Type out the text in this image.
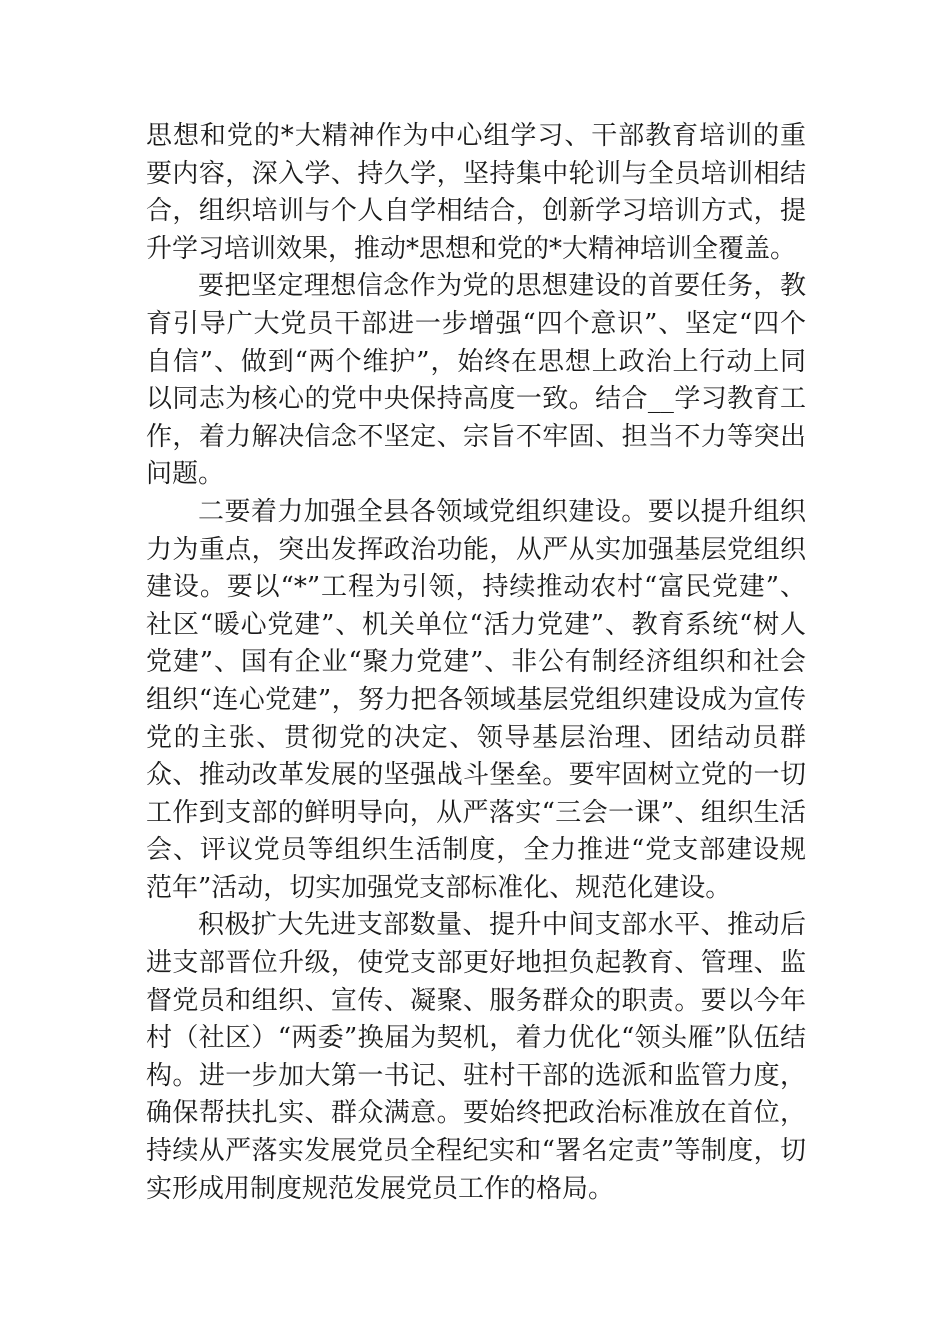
思想和党的*大精神作为中心组学习、干部教育培训的重要内容，深入学、持久学，坚持集中轮训与全员培训相结合，组织培训与个人自学相结合，创新学习培训方式，提升学习培训效果，推动*思想和党的*大精神培训全覆盖。

要把坚定理想信念作为党的思想建设的首要任务，教育引导广大党员干部进一步增强“四个意识”、坚定“四个自信”、做到“两个维护”，始终在思想上政治上行动上同以同志为核心的党中央保持高度一致。结合__学习教育工作，着力解决信念不坚定、宗旨不牢固、担当不力等突出问题。

二要着力加强全县各领域党组织建设。要以提升组织力为重点，突出发挥政治功能，从严从实加强基层党组织建设。要以“*”工程为引领，持续推动农村“富民党建”、社区“暖心党建”、机关单位“活力党建”、教育系统“树人党建”、国有企业“聚力党建”、非公有制经济组织和社会组织“连心党建”，努力把各领域基层党组织建设成为宣传党的主张、贯彻党的决定、领导基层治理、团结动员群众、推动改革发展的坚强战斗堡垒。要牢固树立党的一切工作到支部的鲜明导向，从严落实“三会一课”、组织生活会、评议党员等组织生活制度，全力推进“党支部建设规范年”活动，切实加强党支部标准化、规范化建设。

积极扩大先进支部数量、提升中间支部水平、推动后进支部晋位升级，使党支部更好地担负起教育、管理、监督党员和组织、宣传、凝聚、服务群众的职责。要以今年村（社区）“两委”换届为契机，着力优化“领头雁”队伍结构。进一步加大第一书记、驻村干部的选派和监管力度，确保帮扶扎实、群众满意。要始终把政治标准放在首位，持续从严落实发展党员全程纪实和“署名定责”等制度，切实形成用制度规范发展党员工作的格局。
